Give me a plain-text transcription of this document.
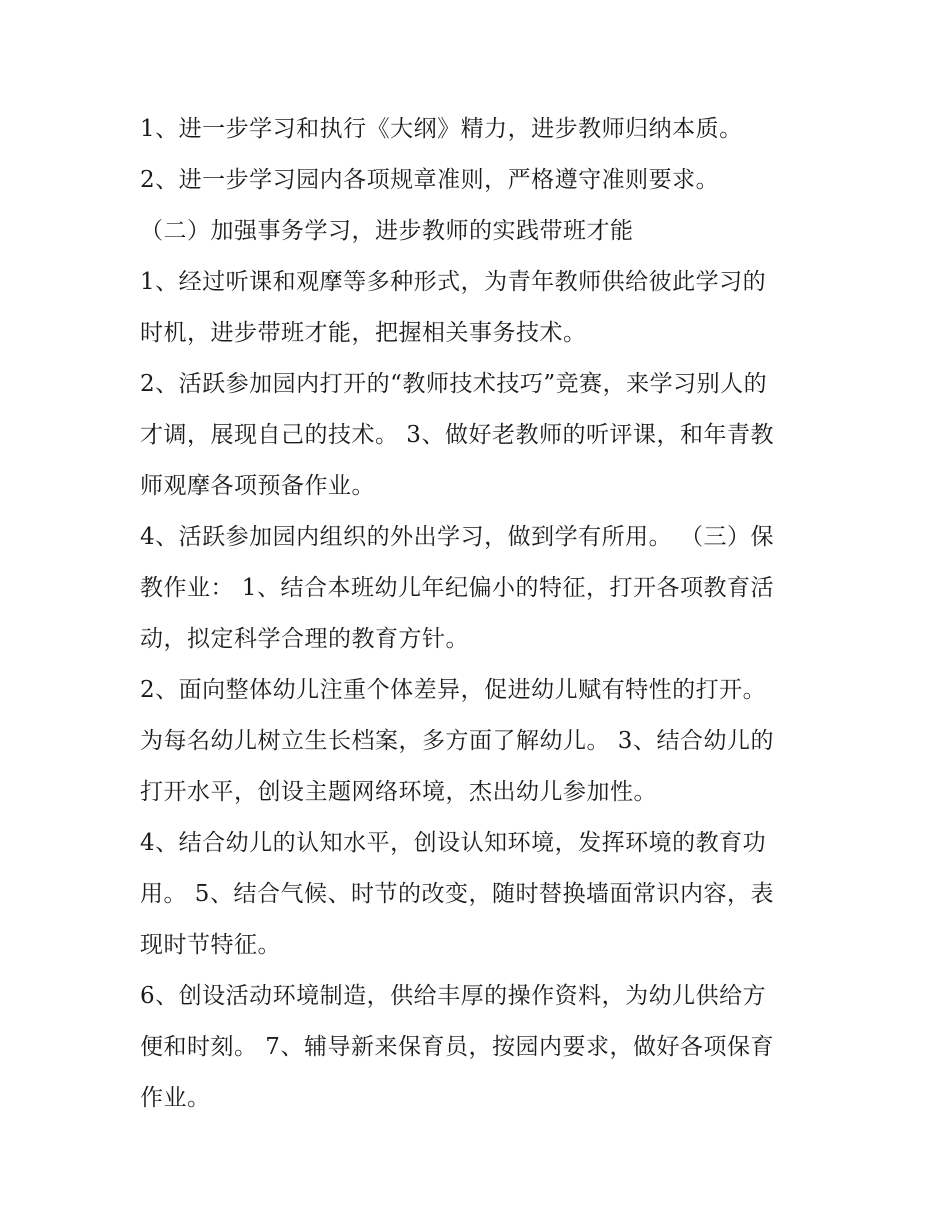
1、进一步学习和执行《大纲》精力，进步教师归纳本质。
2、进一步学习园内各项规章准则，严格遵守准则要求。
（二）加强事务学习，进步教师的实践带班才能
1、经过听课和观摩等多种形式，为青年教师供给彼此学习的
时机，进步带班才能，把握相关事务技术。
2、活跃参加园内打开的“教师技术技巧”竞赛，来学习别人的
才调，展现自己的技术。 3、做好老教师的听评课，和年青教
师观摩各项预备作业。
4、活跃参加园内组织的外出学习，做到学有所用。 （三）保
教作业： 1、结合本班幼儿年纪偏小的特征，打开各项教育活
动，拟定科学合理的教育方针。
2、面向整体幼儿注重个体差异，促进幼儿赋有特性的打开。
为每名幼儿树立生长档案，多方面了解幼儿。 3、结合幼儿的
打开水平，创设主题网络环境，杰出幼儿参加性。
4、结合幼儿的认知水平，创设认知环境，发挥环境的教育功
用。 5、结合气候、时节的改变，随时替换墙面常识内容，表
现时节特征。
6、创设活动环境制造，供给丰厚的操作资料，为幼儿供给方
便和时刻。 7、辅导新来保育员，按园内要求，做好各项保育
作业。
